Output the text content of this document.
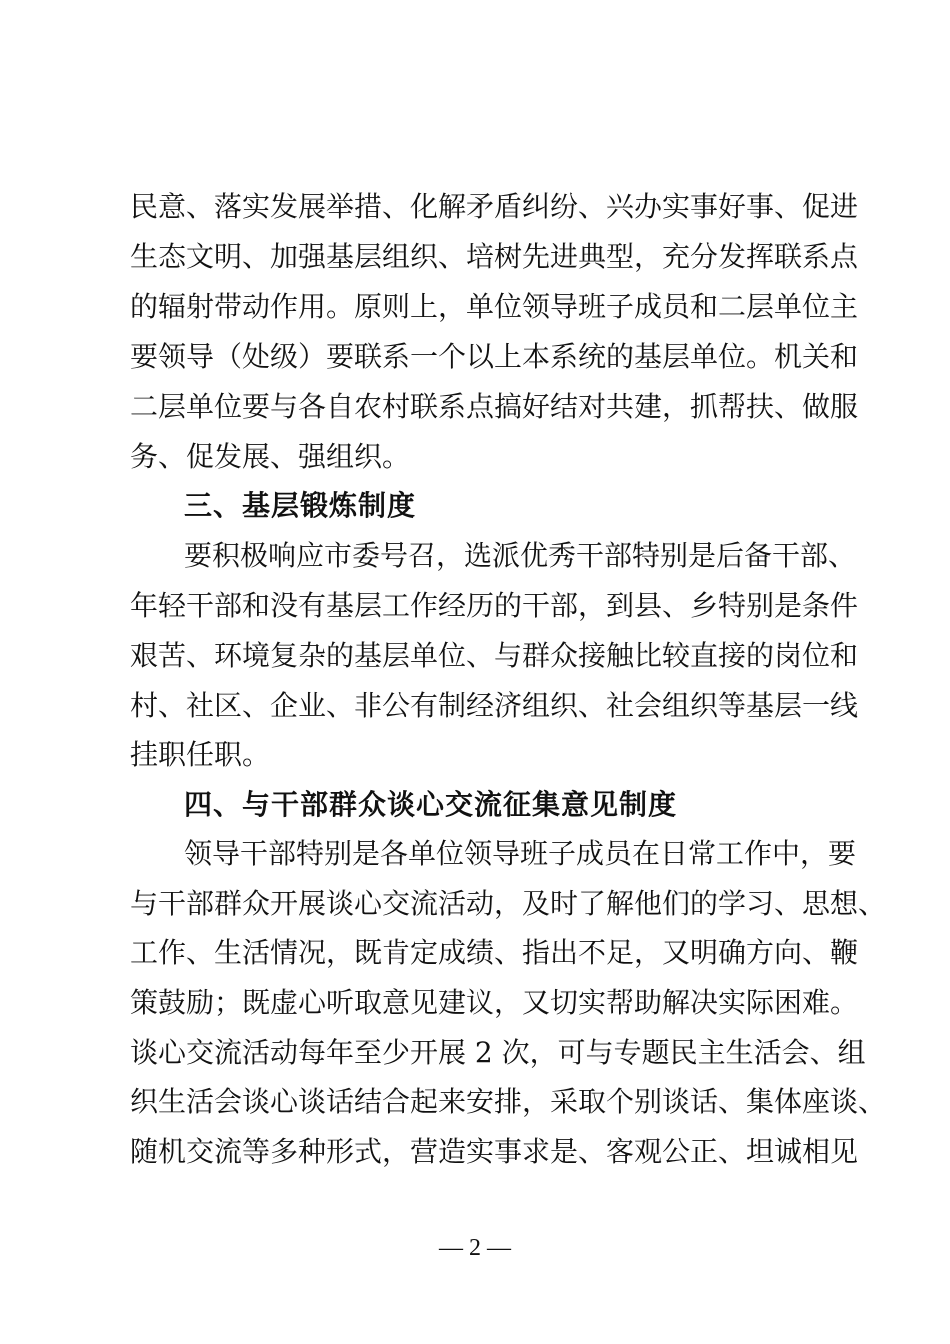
民意、落实发展举措、化解矛盾纠纷、兴办实事好事、促进
生态文明、加强基层组织、培树先进典型，充分发挥联系点
的辐射带动作用。原则上，单位领导班子成员和二层单位主
要领导（处级）要联系一个以上本系统的基层单位。机关和
二层单位要与各自农村联系点搞好结对共建，抓帮扶、做服
务、促发展、强组织。
三、基层锻炼制度
要积极响应市委号召，选派优秀干部特别是后备干部、
年轻干部和没有基层工作经历的干部，到县、乡特别是条件
艰苦、环境复杂的基层单位、与群众接触比较直接的岗位和
村、社区、企业、非公有制经济组织、社会组织等基层一线
挂职任职。
四、与干部群众谈心交流征集意见制度
领导干部特别是各单位领导班子成员在日常工作中，要
与干部群众开展谈心交流活动，及时了解他们的学习、思想、
工作、生活情况，既肯定成绩、指出不足，又明确方向、鞭
策鼓励；既虚心听取意见建议，又切实帮助解决实际困难。
谈心交流活动每年至少开展 2 次，可与专题民主生活会、组
织生活会谈心谈话结合起来安排，采取个别谈话、集体座谈、
随机交流等多种形式，营造实事求是、客观公正、坦诚相见
— 2 —
